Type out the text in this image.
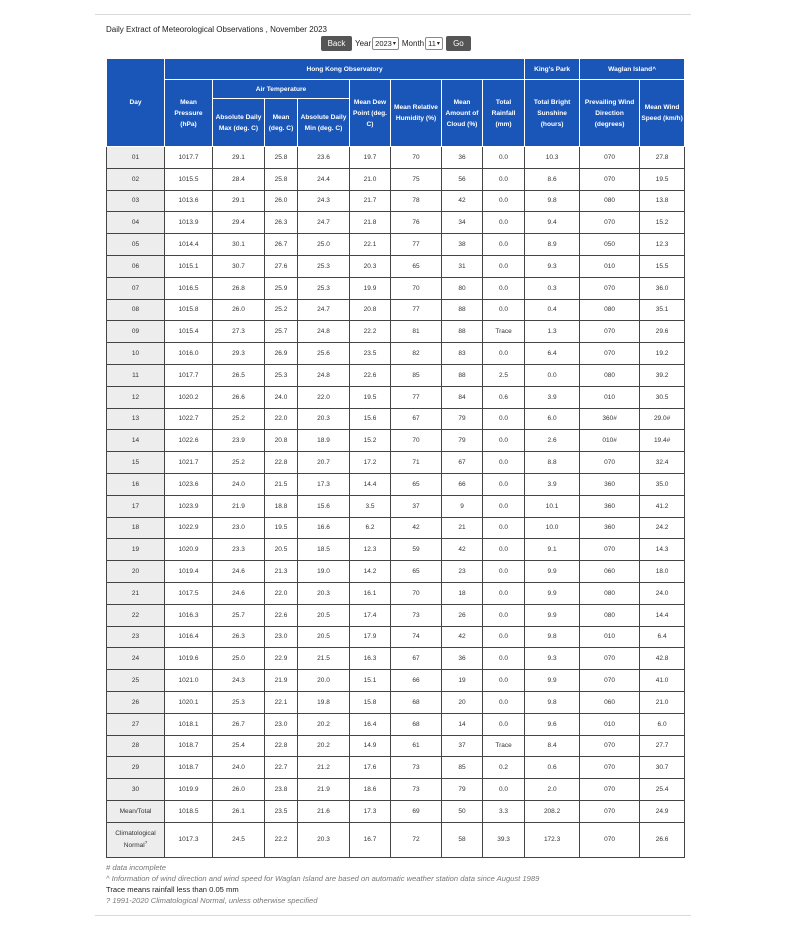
Daily Extract of Meteorological Observations , November 2023
Back	Year 2023 ▾ Month 11 ▾	Go
Day	Hong Kong Observatory								King's Park	Waglan Island^	
	Mean Pressure (hPa)	Air Temperature			Mean Dew Point (deg. C)	Mean Relative Humidity (%)	Mean Amount of Cloud (%)	Total Rainfall (mm)	Total Bright Sunshine (hours)	Prevailing Wind Direction (degrees)	Mean Wind Speed (km/h)
		Absolute Daily Max (deg. C)	Mean (deg. C)	Absolute Daily Min (deg. C)							
01	1017.7	29.1	25.8	23.6	19.7	70	36	0.0	10.3	070	27.8
02	1015.5	28.4	25.8	24.4	21.0	75	56	0.0	8.6	070	19.5
03	1013.6	29.1	26.0	24.3	21.7	78	42	0.0	9.8	080	13.8
04	1013.9	29.4	26.3	24.7	21.8	76	34	0.0	9.4	070	15.2
05	1014.4	30.1	26.7	25.0	22.1	77	38	0.0	8.9	050	12.3
06	1015.1	30.7	27.6	25.3	20.3	65	31	0.0	9.3	010	15.5
07	1016.5	26.8	25.9	25.3	19.9	70	80	0.0	0.3	070	36.0
08	1015.8	26.0	25.2	24.7	20.8	77	88	0.0	0.4	080	35.1
09	1015.4	27.3	25.7	24.8	22.2	81	88	Trace	1.3	070	29.6
10	1016.0	29.3	26.9	25.6	23.5	82	83	0.0	6.4	070	19.2
11	1017.7	26.5	25.3	24.8	22.6	85	88	2.5	0.0	080	39.2
12	1020.2	26.6	24.0	22.0	19.5	77	84	0.6	3.9	010	30.5
13	1022.7	25.2	22.0	20.3	15.6	67	79	0.0	6.0	360#	29.0#
14	1022.6	23.9	20.8	18.9	15.2	70	79	0.0	2.6	010#	19.4#
15	1021.7	25.2	22.8	20.7	17.2	71	67	0.0	8.8	070	32.4
16	1023.6	24.0	21.5	17.3	14.4	65	66	0.0	3.9	360	35.0
17	1023.9	21.9	18.8	15.6	3.5	37	9	0.0	10.1	360	41.2
18	1022.9	23.0	19.5	16.6	6.2	42	21	0.0	10.0	360	24.2
19	1020.9	23.3	20.5	18.5	12.3	59	42	0.0	9.1	070	14.3
20	1019.4	24.6	21.3	19.0	14.2	65	23	0.0	9.9	060	18.0
21	1017.5	24.6	22.0	20.3	16.1	70	18	0.0	9.9	080	24.0
22	1016.3	25.7	22.6	20.5	17.4	73	26	0.0	9.9	080	14.4
23	1016.4	26.3	23.0	20.5	17.9	74	42	0.0	9.8	010	6.4
24	1019.6	25.0	22.9	21.5	16.3	67	36	0.0	9.3	070	42.8
25	1021.0	24.3	21.9	20.0	15.1	66	19	0.0	9.9	070	41.0
26	1020.1	25.3	22.1	19.8	15.8	68	20	0.0	9.8	060	21.0
27	1018.1	26.7	23.0	20.2	16.4	68	14	0.0	9.6	010	6.0
28	1018.7	25.4	22.8	20.2	14.9	61	37	Trace	8.4	070	27.7
29	1018.7	24.0	22.7	21.2	17.6	73	85	0.2	0.6	070	30.7
30	1019.9	26.0	23.8	21.9	18.6	73	79	0.0	2.0	070	25.4
Mean/Total	1018.5	26.1	23.5	21.6	17.3	69	50	3.3	208.2	070	24.9
Climatological Normal?	1017.3	24.5	22.2	20.3	16.7	72	58	39.3	172.3	070	26.6
# data incomplete
^ Information of wind direction and wind speed for Waglan Island are based on automatic weather station data since August 1989
Trace means rainfall less than 0.05 mm
? 1991-2020 Climatological Normal, unless otherwise specified
